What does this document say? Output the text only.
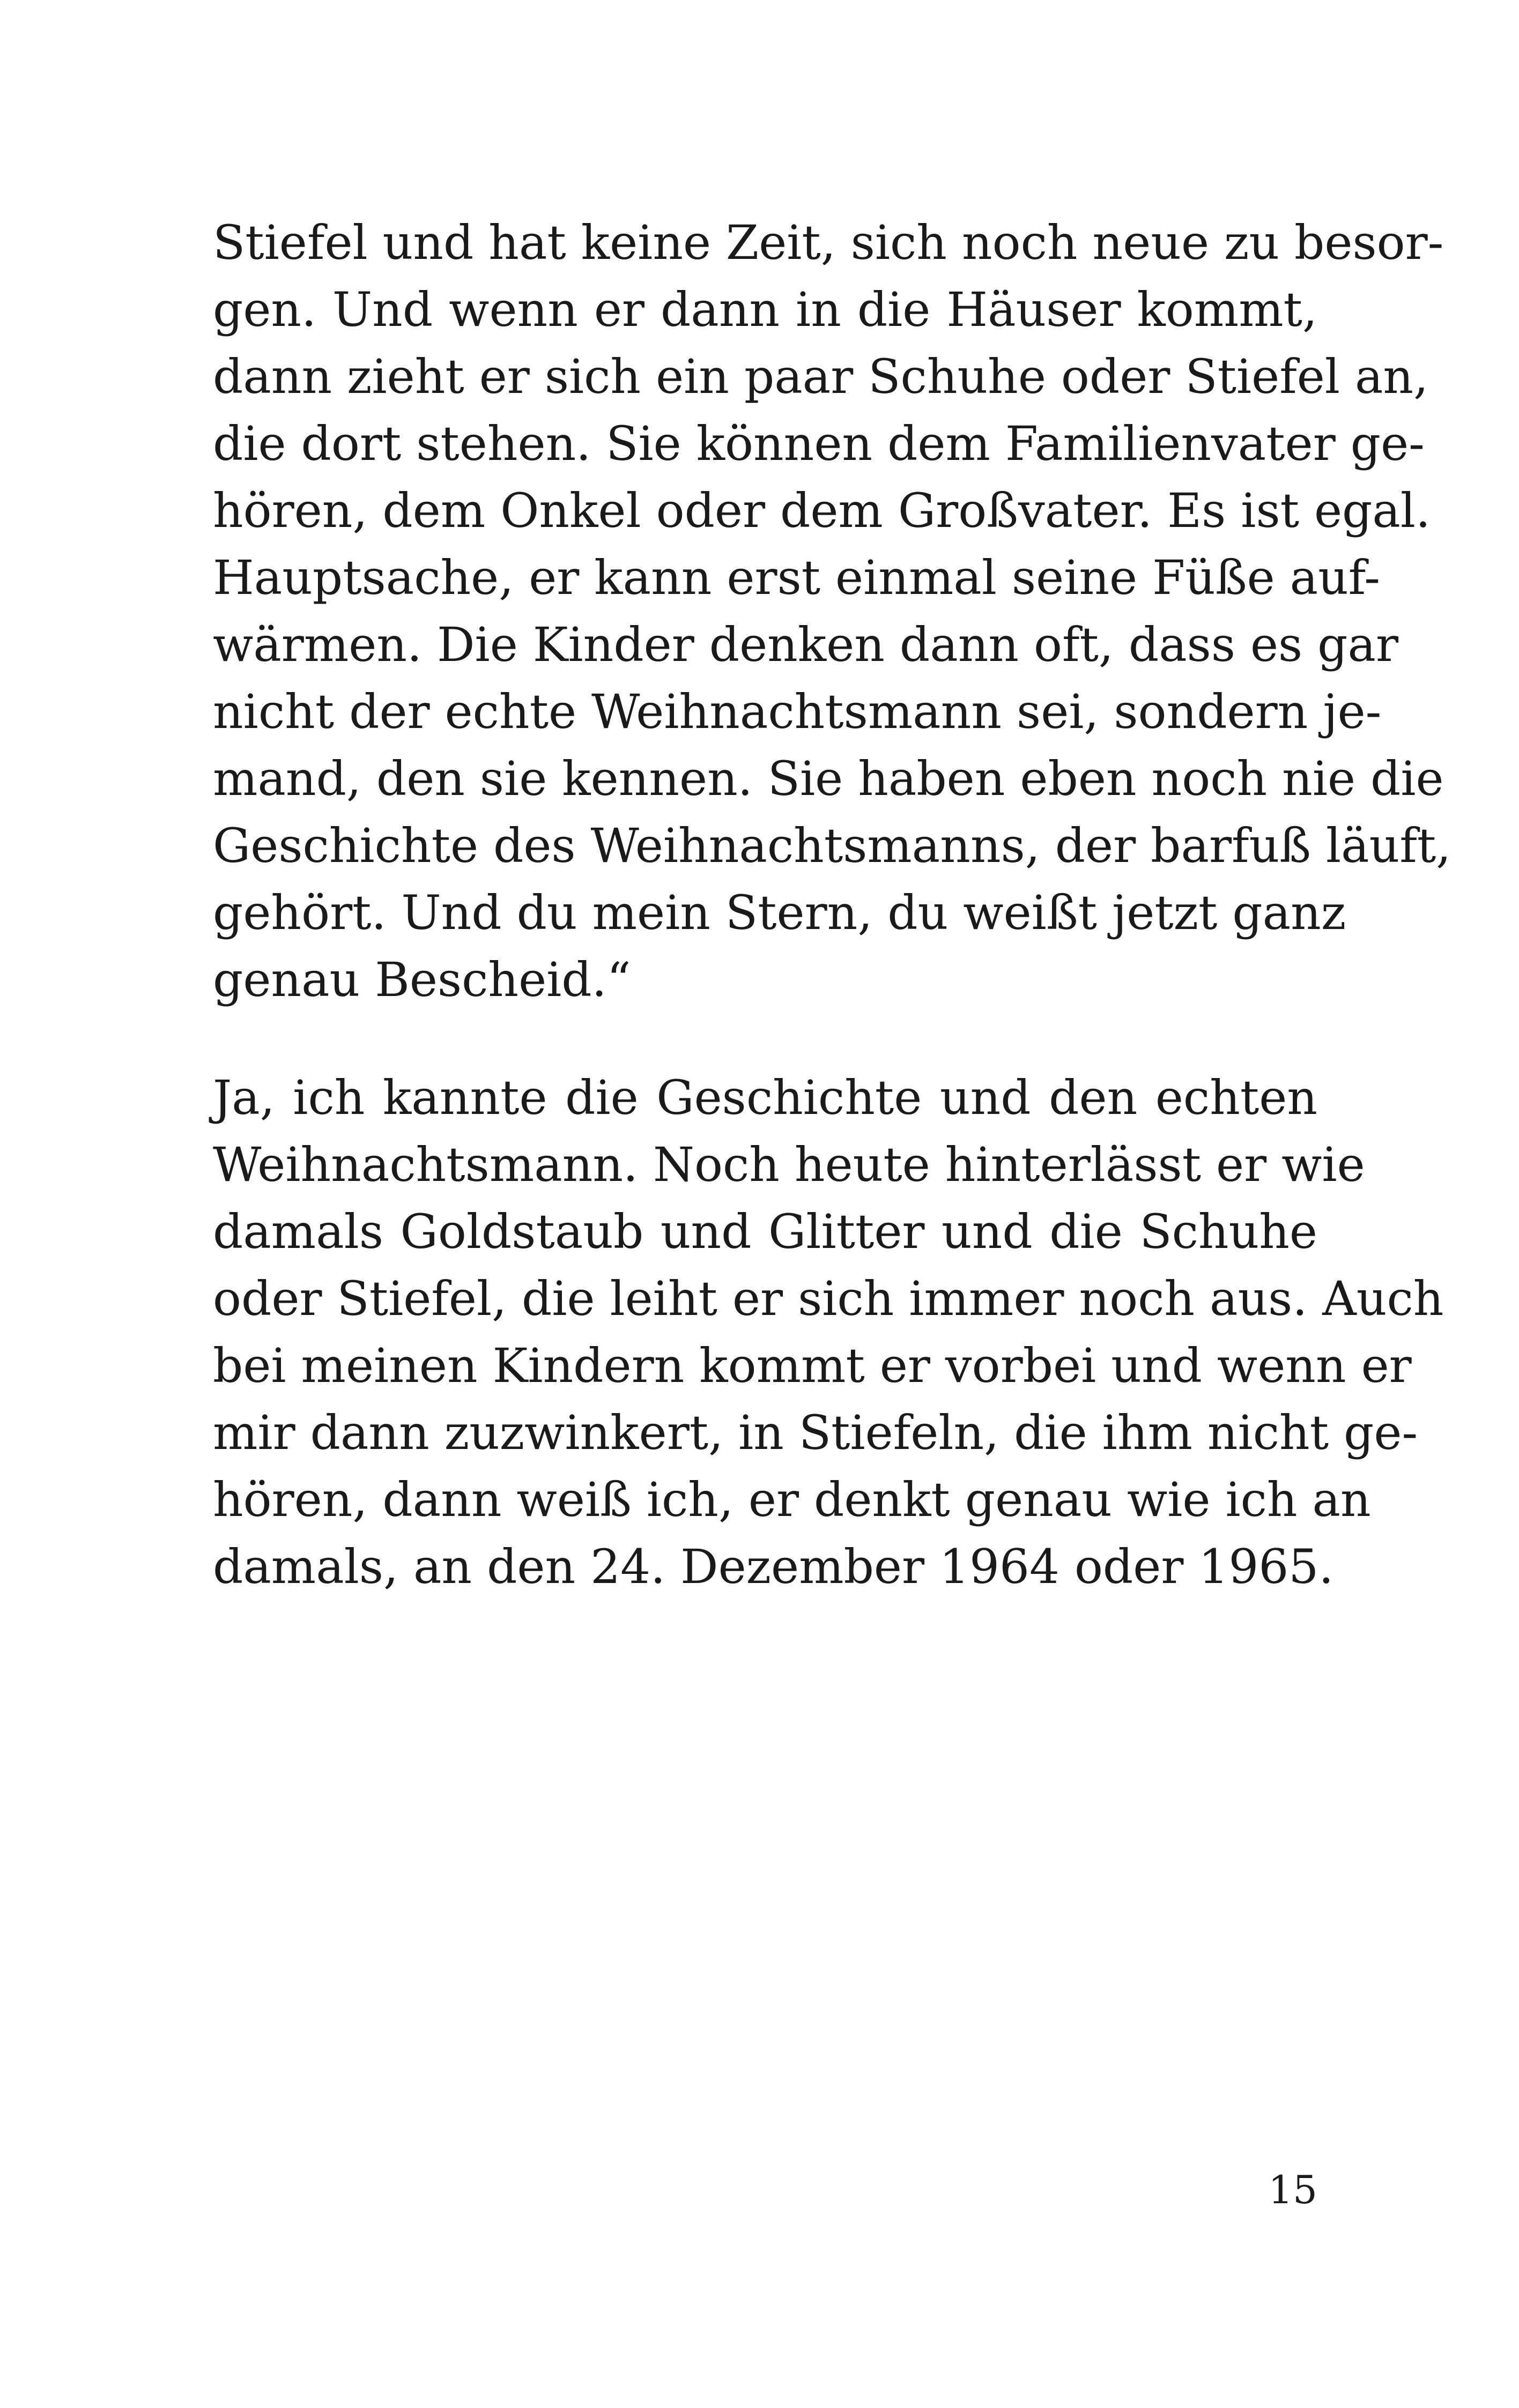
Stiefel und hat keine Zeit, sich noch neue zu besor-
gen. Und wenn er dann in die Häuser kommt,
dann zieht er sich ein paar Schuhe oder Stiefel an,
die dort stehen. Sie können dem Familienvater ge-
hören, dem Onkel oder dem Großvater. Es ist egal.
Hauptsache, er kann erst einmal seine Füße auf-
wärmen. Die Kinder denken dann oft, dass es gar
nicht der echte Weihnachtsmann sei, sondern je-
mand, den sie kennen. Sie haben eben noch nie die
Geschichte des Weihnachtsmanns, der barfuß läuft,
gehört. Und du mein Stern, du weißt jetzt ganz
genau Bescheid.“

Ja, ich kannte die Geschichte und den echten
Weihnachtsmann. Noch heute hinterlässt er wie
damals Goldstaub und Glitter und die Schuhe
oder Stiefel, die leiht er sich immer noch aus. Auch
bei meinen Kindern kommt er vorbei und wenn er
mir dann zuzwinkert, in Stiefeln, die ihm nicht ge-
hören, dann weiß ich, er denkt genau wie ich an
damals, an den 24. Dezember 1964 oder 1965.

15
